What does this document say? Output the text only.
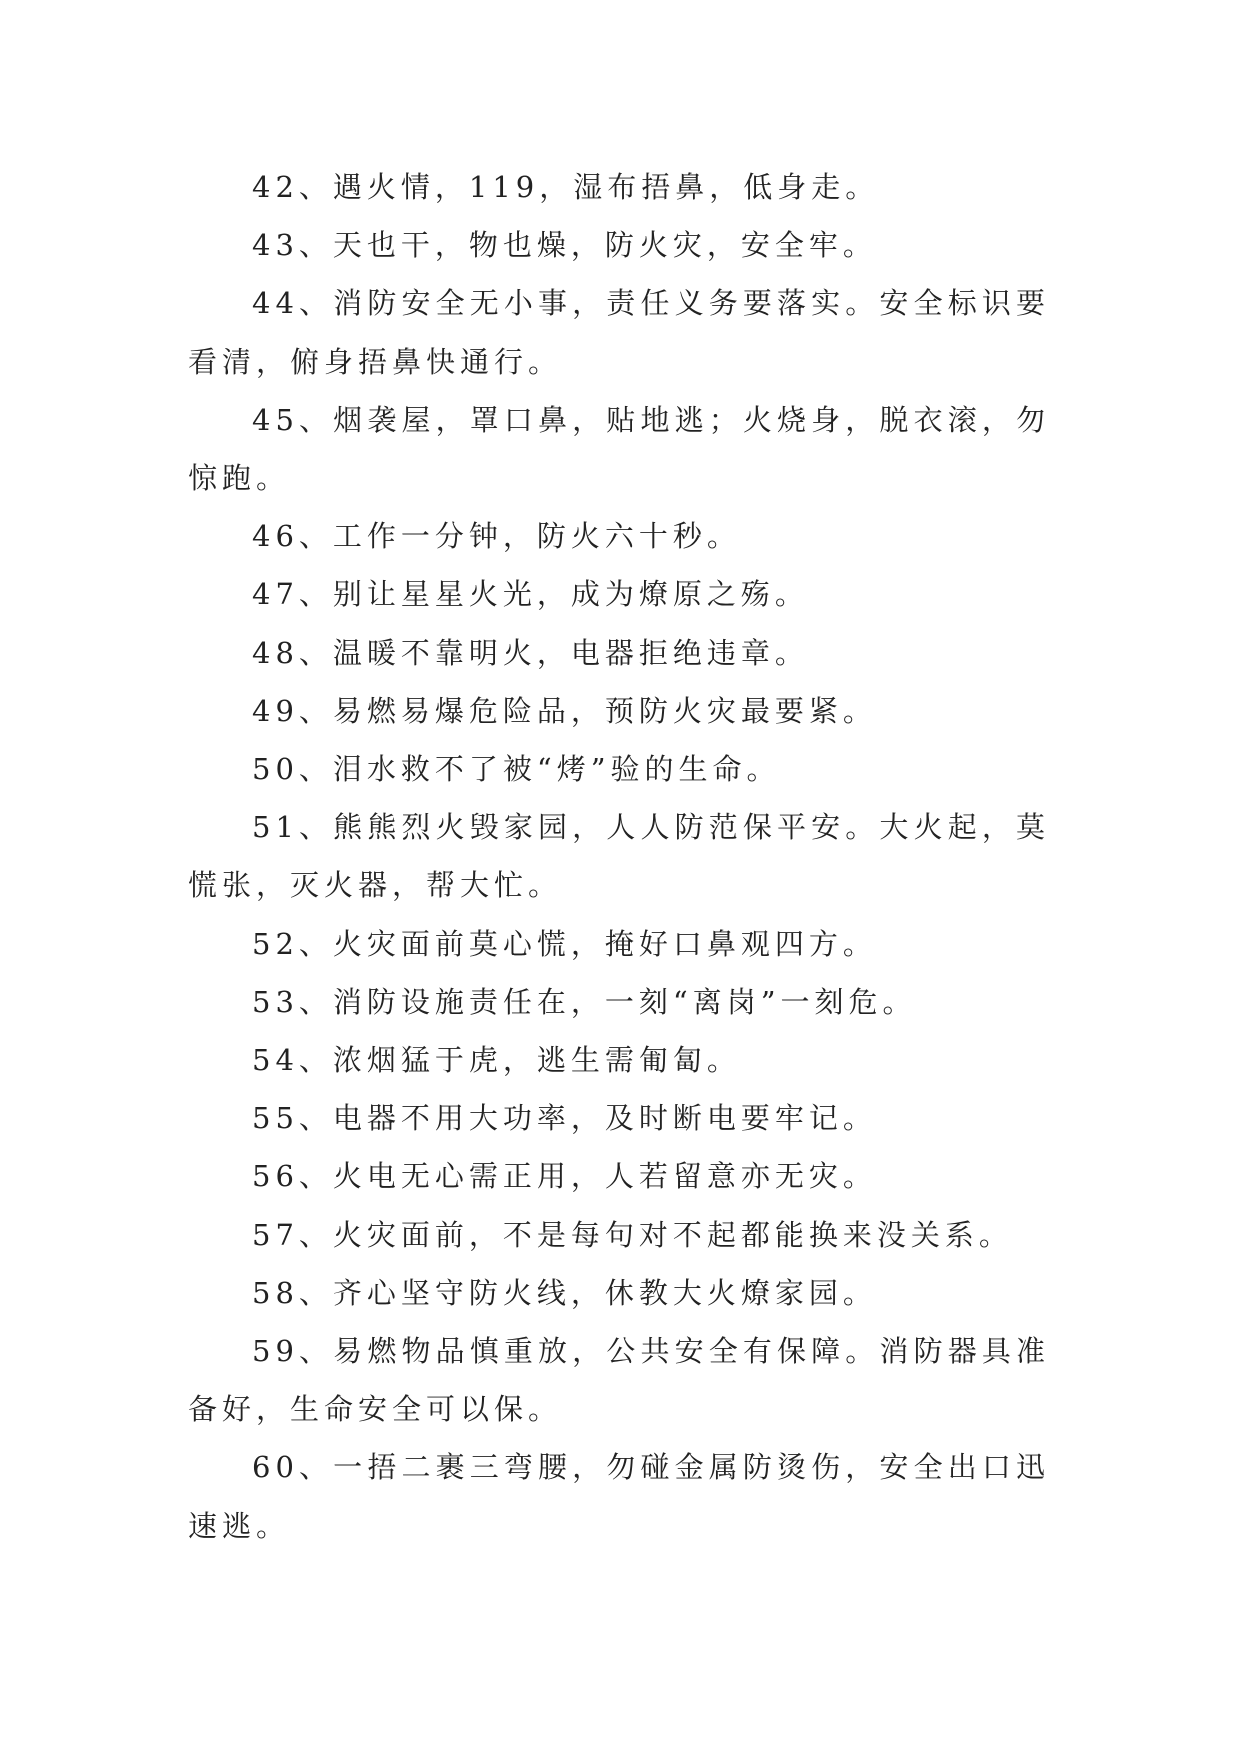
42、遇火情，119，湿布捂鼻，低身走。

43、天也干，物也燥，防火灾，安全牢。

44、消防安全无小事，责任义务要落实。安全标识要看清，俯身捂鼻快通行。

45、烟袭屋，罩口鼻，贴地逃；火烧身，脱衣滚，勿惊跑。

46、工作一分钟，防火六十秒。

47、别让星星火光，成为燎原之殇。

48、温暖不靠明火，电器拒绝违章。

49、易燃易爆危险品，预防火灾最要紧。

50、泪水救不了被“烤”验的生命。

51、熊熊烈火毁家园，人人防范保平安。大火起，莫慌张，灭火器，帮大忙。

52、火灾面前莫心慌，掩好口鼻观四方。

53、消防设施责任在，一刻“离岗”一刻危。

54、浓烟猛于虎，逃生需匍匐。

55、电器不用大功率，及时断电要牢记。

56、火电无心需正用，人若留意亦无灾。

57、火灾面前，不是每句对不起都能换来没关系。

58、齐心坚守防火线，休教大火燎家园。

59、易燃物品慎重放，公共安全有保障。消防器具准备好，生命安全可以保。

60、一捂二裹三弯腰，勿碰金属防烫伤，安全出口迅速逃。
